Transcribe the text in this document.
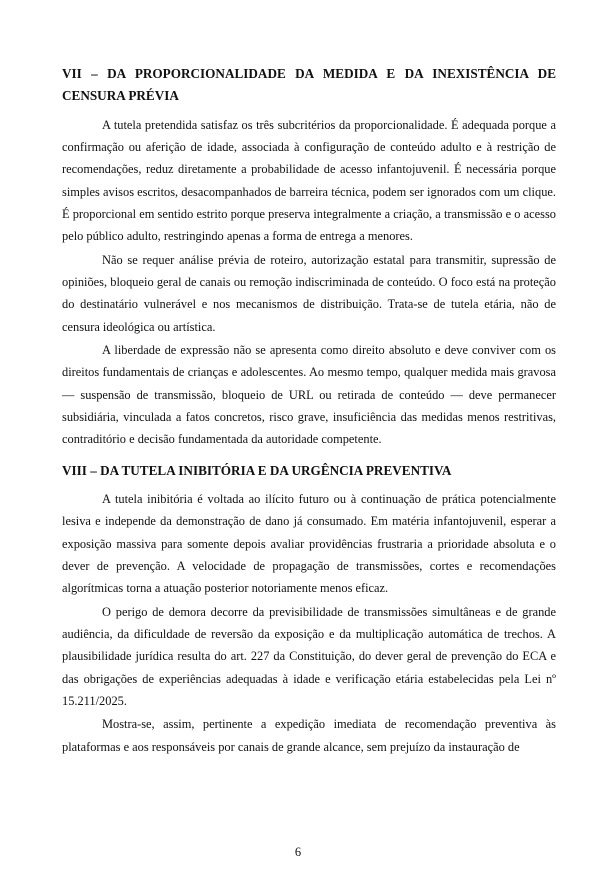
VII – DA PROPORCIONALIDADE DA MEDIDA E DA INEXISTÊNCIA DE CENSURA PRÉVIA

A tutela pretendida satisfaz os três subcritérios da proporcionalidade. É adequada porque a confirmação ou aferição de idade, associada à configuração de conteúdo adulto e à restrição de recomendações, reduz diretamente a probabilidade de acesso infantojuvenil. É necessária porque simples avisos escritos, desacompanhados de barreira técnica, podem ser ignorados com um clique. É proporcional em sentido estrito porque preserva integralmente a criação, a transmissão e o acesso pelo público adulto, restringindo apenas a forma de entrega a menores.

Não se requer análise prévia de roteiro, autorização estatal para transmitir, supressão de opiniões, bloqueio geral de canais ou remoção indiscriminada de conteúdo. O foco está na proteção do destinatário vulnerável e nos mecanismos de distribuição. Trata-se de tutela etária, não de censura ideológica ou artística.

A liberdade de expressão não se apresenta como direito absoluto e deve conviver com os direitos fundamentais de crianças e adolescentes. Ao mesmo tempo, qualquer medida mais gravosa — suspensão de transmissão, bloqueio de URL ou retirada de conteúdo — deve permanecer subsidiária, vinculada a fatos concretos, risco grave, insuficiência das medidas menos restritivas, contraditório e decisão fundamentada da autoridade competente.

VIII – DA TUTELA INIBITÓRIA E DA URGÊNCIA PREVENTIVA

A tutela inibitória é voltada ao ilícito futuro ou à continuação de prática potencialmente lesiva e independe da demonstração de dano já consumado. Em matéria infantojuvenil, esperar a exposição massiva para somente depois avaliar providências frustraria a prioridade absoluta e o dever de prevenção. A velocidade de propagação de transmissões, cortes e recomendações algorítmicas torna a atuação posterior notoriamente menos eficaz.

O perigo de demora decorre da previsibilidade de transmissões simultâneas e de grande audiência, da dificuldade de reversão da exposição e da multiplicação automática de trechos. A plausibilidade jurídica resulta do art. 227 da Constituição, do dever geral de prevenção do ECA e das obrigações de experiências adequadas à idade e verificação etária estabelecidas pela Lei nº 15.211/2025.

Mostra-se, assim, pertinente a expedição imediata de recomendação preventiva às plataformas e aos responsáveis por canais de grande alcance, sem prejuízo da instauração de

6
